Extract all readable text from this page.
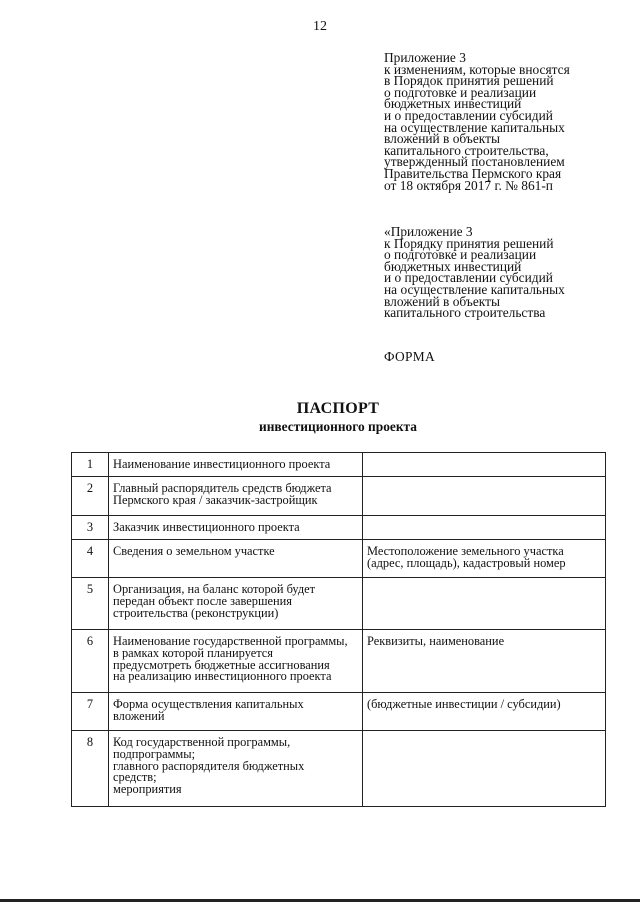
12
Приложение 3
к изменениям, которые вносятся
в Порядок принятия решений
о подготовке и реализации
бюджетных инвестиций
и о предоставлении субсидий
на осуществление капитальных
вложений в объекты
капитального строительства,
утвержденный постановлением
Правительства Пермского края
от 18 октября 2017 г. № 861-п
«Приложение 3
к Порядку принятия решений
о подготовке и реализации
бюджетных инвестиций
и о предоставлении субсидий
на осуществление капитальных
вложений в объекты
капитального строительства
ФОРМА
ПАСПОРТ
инвестиционного проекта
1	Наименование инвестиционного проекта	

2	Главный распорядитель средств бюджета
Пермского края / заказчик-застройщик	

3	Заказчик инвестиционного проекта	

4	Сведения о земельном участке	Местоположение земельного участка
(адрес, площадь), кадастровый номер

5	Организация, на баланс которой будет
передан объект после завершения
строительства (реконструкции)	

6	Наименование государственной программы,
в рамках которой планируется
предусмотреть бюджетные ассигнования
на реализацию инвестиционного проекта	Реквизиты, наименование

7	Форма осуществления капитальных
вложений	(бюджетные инвестиции / субсидии)

8	Код государственной программы,
подпрограммы;
главного распорядителя бюджетных
средств;
мероприятия	
